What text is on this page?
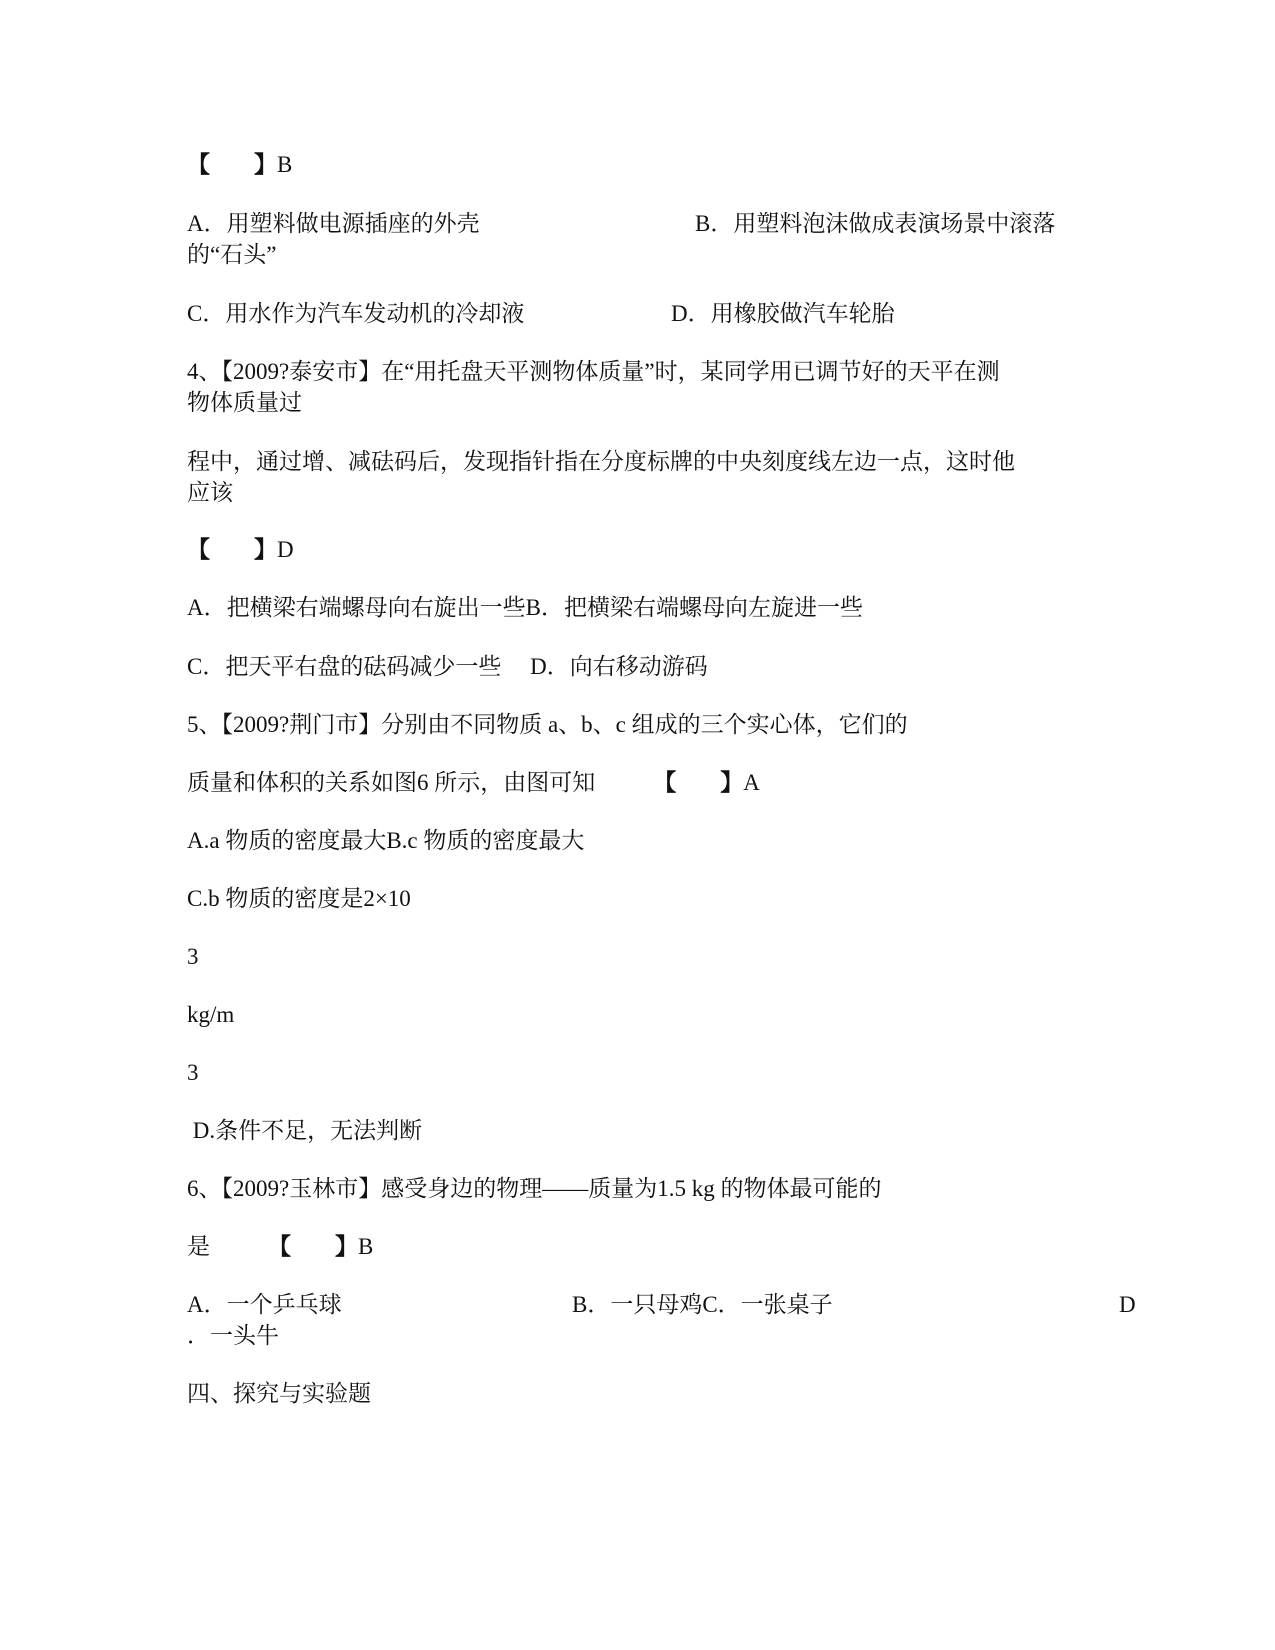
【 】B
A．用塑料做电源插座的外壳	B．用塑料泡沫做成表演场景中滚落
的“石头”
C．用水作为汽车发动机的冷却液	D．用橡胶做汽车轮胎
4、【2009?泰安市】在“用托盘天平测物体质量”时，某同学用已调节好的天平在测
物体质量过
程中，通过增、减砝码后，发现指针指在分度标牌的中央刻度线左边一点，这时他
应该
【 】D
A．把横梁右端螺母向右旋出一些B．把横梁右端螺母向左旋进一些
C．把天平右盘的砝码减少一些　 D．向右移动游码
5、【2009?荆门市】分别由不同物质 a、b、c 组成的三个实心体，它们的
质量和体积的关系如图6 所示，由图可知	【 】A
A.a 物质的密度最大B.c 物质的密度最大
C.b 物质的密度是2×10
3
kg/m
3
D.条件不足，无法判断
6、【2009?玉林市】感受身边的物理——质量为1.5 kg 的物体最可能的
是	【 】B
A．一个乒乓球	B．一只母鸡C．一张桌子	D
．一头牛
四、探究与实验题
